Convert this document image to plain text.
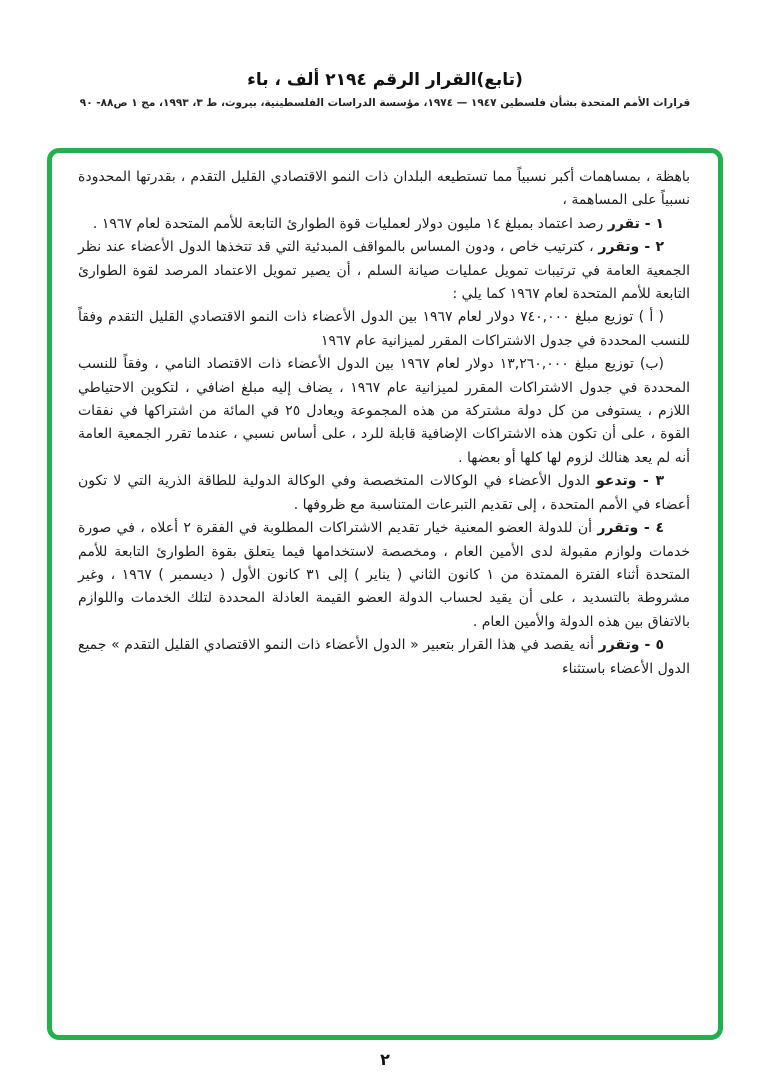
(تابع)القرار الرقم ٢١٩٤ ألف ، باء
قرارات الأمم المتحدة بشأن فلسطين ١٩٤٧ — ١٩٧٤، مؤسسة الدراسات الفلسطينية، بيروت، ط ٣، ١٩٩٣، مج ١ ص٨٨- ٩٠

باهظة ، بمساهمات أكبر نسبياً مما تستطيعه البلدان ذات النمو الاقتصادي القليل التقدم ، بقدرتها المحدودة نسبياً على المساهمة ،

١ - تقرر رصد اعتماد بمبلغ ١٤ مليون دولار لعمليات قوة الطوارئ التابعة للأمم المتحدة لعام ١٩٦٧ .

٢ - وتقرر ، كترتيب خاص ، ودون المساس بالمواقف المبدئية التي قد تتخذها الدول الأعضاء عند نظر الجمعية العامة في ترتيبات تمويل عمليات صيانة السلم ، أن يصير تمويل الاعتماد المرصد لقوة الطوارئ التابعة للأمم المتحدة لعام ١٩٦٧ كما يلي :

( أ ) توزيع مبلغ ٧٤٠,٠٠٠ دولار لعام ١٩٦٧ بين الدول الأعضاء ذات النمو الاقتصادي القليل التقدم وفقاً للنسب المحددة في جدول الاشتراكات المقرر لميزانية عام ١٩٦٧

(ب) توزيع مبلغ ١٣,٢٦٠,٠٠٠ دولار لعام ١٩٦٧ بين الدول الأعضاء ذات الاقتصاد النامي ، وفقاً للنسب المحددة في جدول الاشتراكات المقرر لميزانية عام ١٩٦٧ ، يضاف إليه مبلغ اضافي ، لتكوين الاحتياطي اللازم ، يستوفى من كل دولة مشتركة من هذه المجموعة ويعادل ٢٥ في المائة من اشتراكها في نفقات القوة ، على أن تكون هذه الاشتراكات الإضافية قابلة للرد ، على أساس نسبي ، عندما تقرر الجمعية العامة أنه لم يعد هنالك لزوم لها كلها أو بعضها .

٣ - وتدعو الدول الأعضاء في الوكالات المتخصصة وفي الوكالة الدولية للطاقة الذرية التي لا تكون أعضاء في الأمم المتحدة ، إلى تقديم التبرعات المتناسبة مع ظروفها .

٤ - وتقرر أن للدولة العضو المعنية خيار تقديم الاشتراكات المطلوبة في الفقرة ٢ أعلاه ، في صورة خدمات ولوازم مقبولة لدى الأمين العام ، ومخصصة لاستخدامها فيما يتعلق بقوة الطوارئ التابعة للأمم المتحدة أثناء الفترة الممتدة من ١ كانون الثاني ( يناير ) إلى ٣١ كانون الأول ( ديسمبر ) ١٩٦٧ ، وغير مشروطة بالتسديد ، على أن يقيد لحساب الدولة العضو القيمة العادلة المحددة لتلك الخدمات واللوازم بالاتفاق بين هذه الدولة والأمين العام .

٥ - وتقرر أنه يقصد في هذا القرار بتعبير « الدول الأعضاء ذات النمو الاقتصادي القليل التقدم » جميع الدول الأعضاء باستثناء

٢
